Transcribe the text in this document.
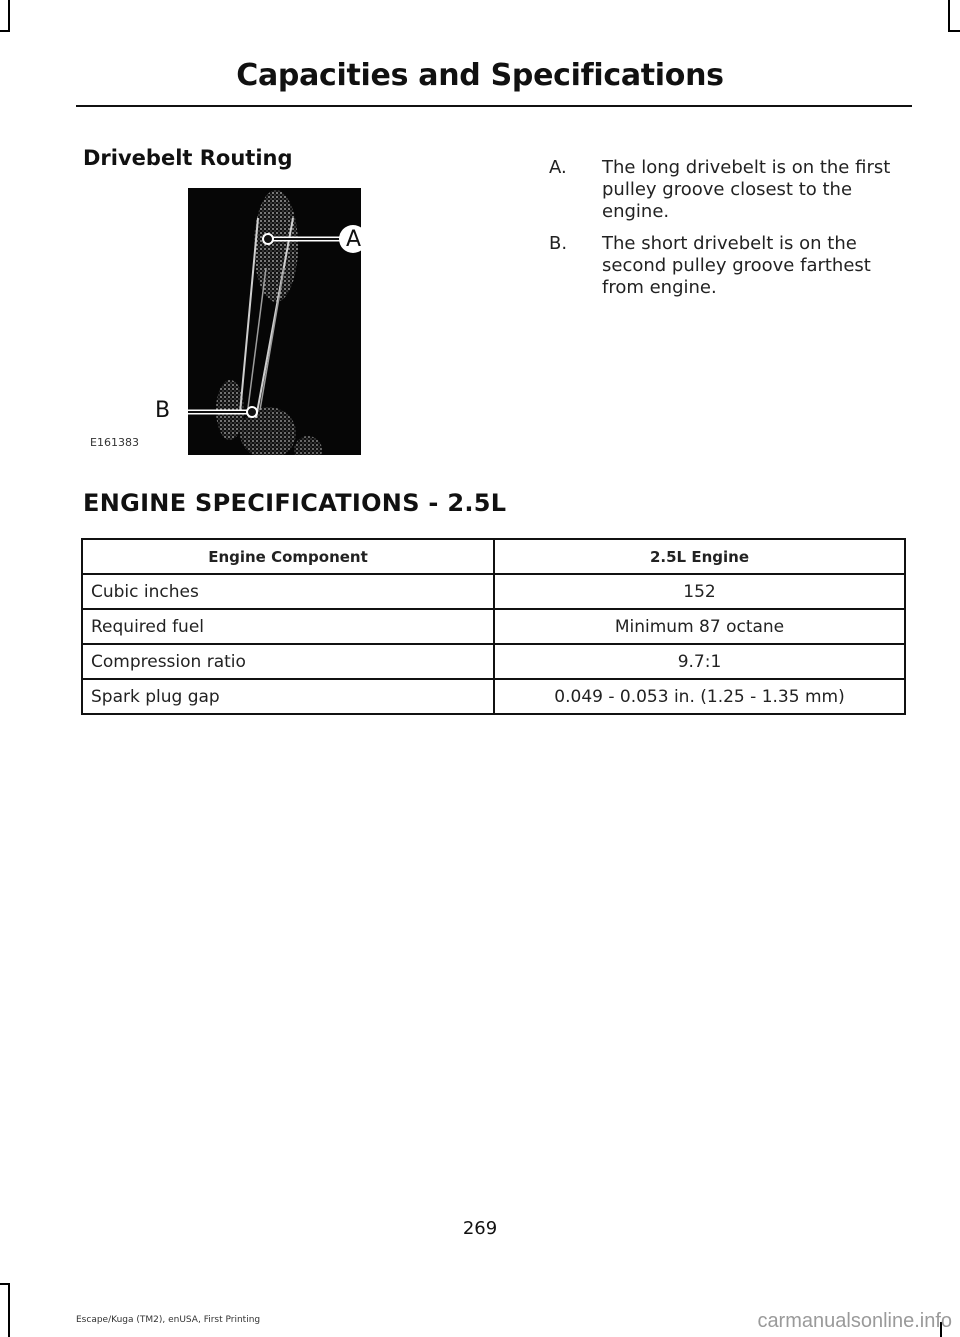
Capacities and Specifications
Drivebelt Routing
A
B
E161383
A.	The long drivebelt is on the first pulley groove closest to the engine.
B.	The short drivebelt is on the second pulley groove farthest from engine.
ENGINE SPECIFICATIONS - 2.5L
Engine Component	2.5L Engine
Cubic inches	152
Required fuel	Minimum 87 octane
Compression ratio	9.7:1
Spark plug gap	0.049 - 0.053 in. (1.25 - 1.35 mm)
269
Escape/Kuga (TM2), enUSA, First Printing	carmanualsonline.info
